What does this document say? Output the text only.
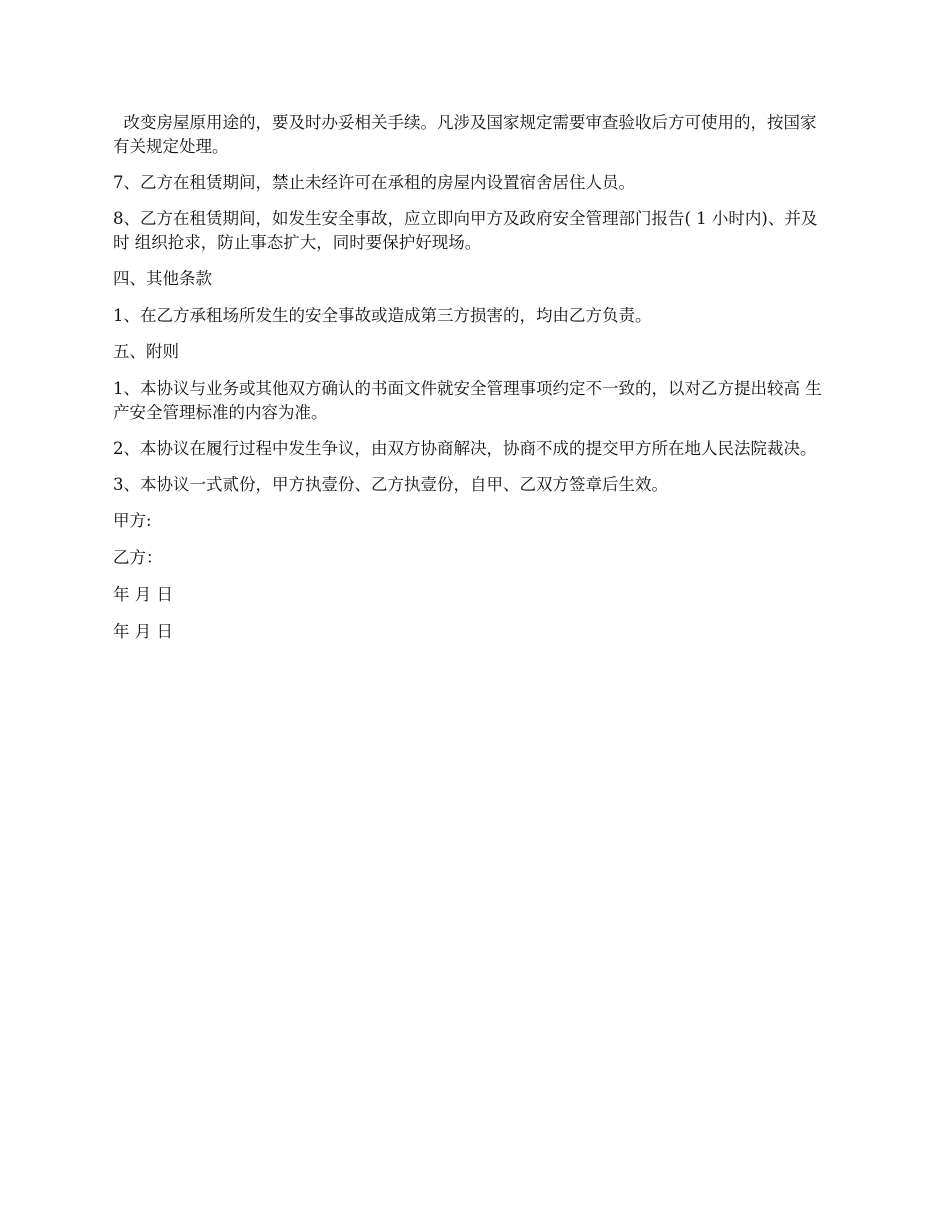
改变房屋原用途的，要及时办妥相关手续。凡涉及国家规定需要审查验收后方可使用的，按国家 有关规定处理。

7、乙方在租赁期间，禁止未经许可在承租的房屋内设置宿舍居住人员。

8、乙方在租赁期间，如发生安全事故，应立即向甲方及政府安全管理部门报告( 1 小时内)、并及时 组织抢求，防止事态扩大，同时要保护好现场。

四、其他条款

1、在乙方承租场所发生的安全事故或造成第三方损害的，均由乙方负责。

五、附则

1、本协议与业务或其他双方确认的书面文件就安全管理事项约定不一致的，以对乙方提出较高 生产安全管理标准的内容为准。

2、本协议在履行过程中发生争议，由双方协商解决，协商不成的提交甲方所在地人民法院裁决。

3、本协议一式贰份，甲方执壹份、乙方执壹份，自甲、乙双方签章后生效。

甲方:

乙方：

年 月 日

年 月 日
